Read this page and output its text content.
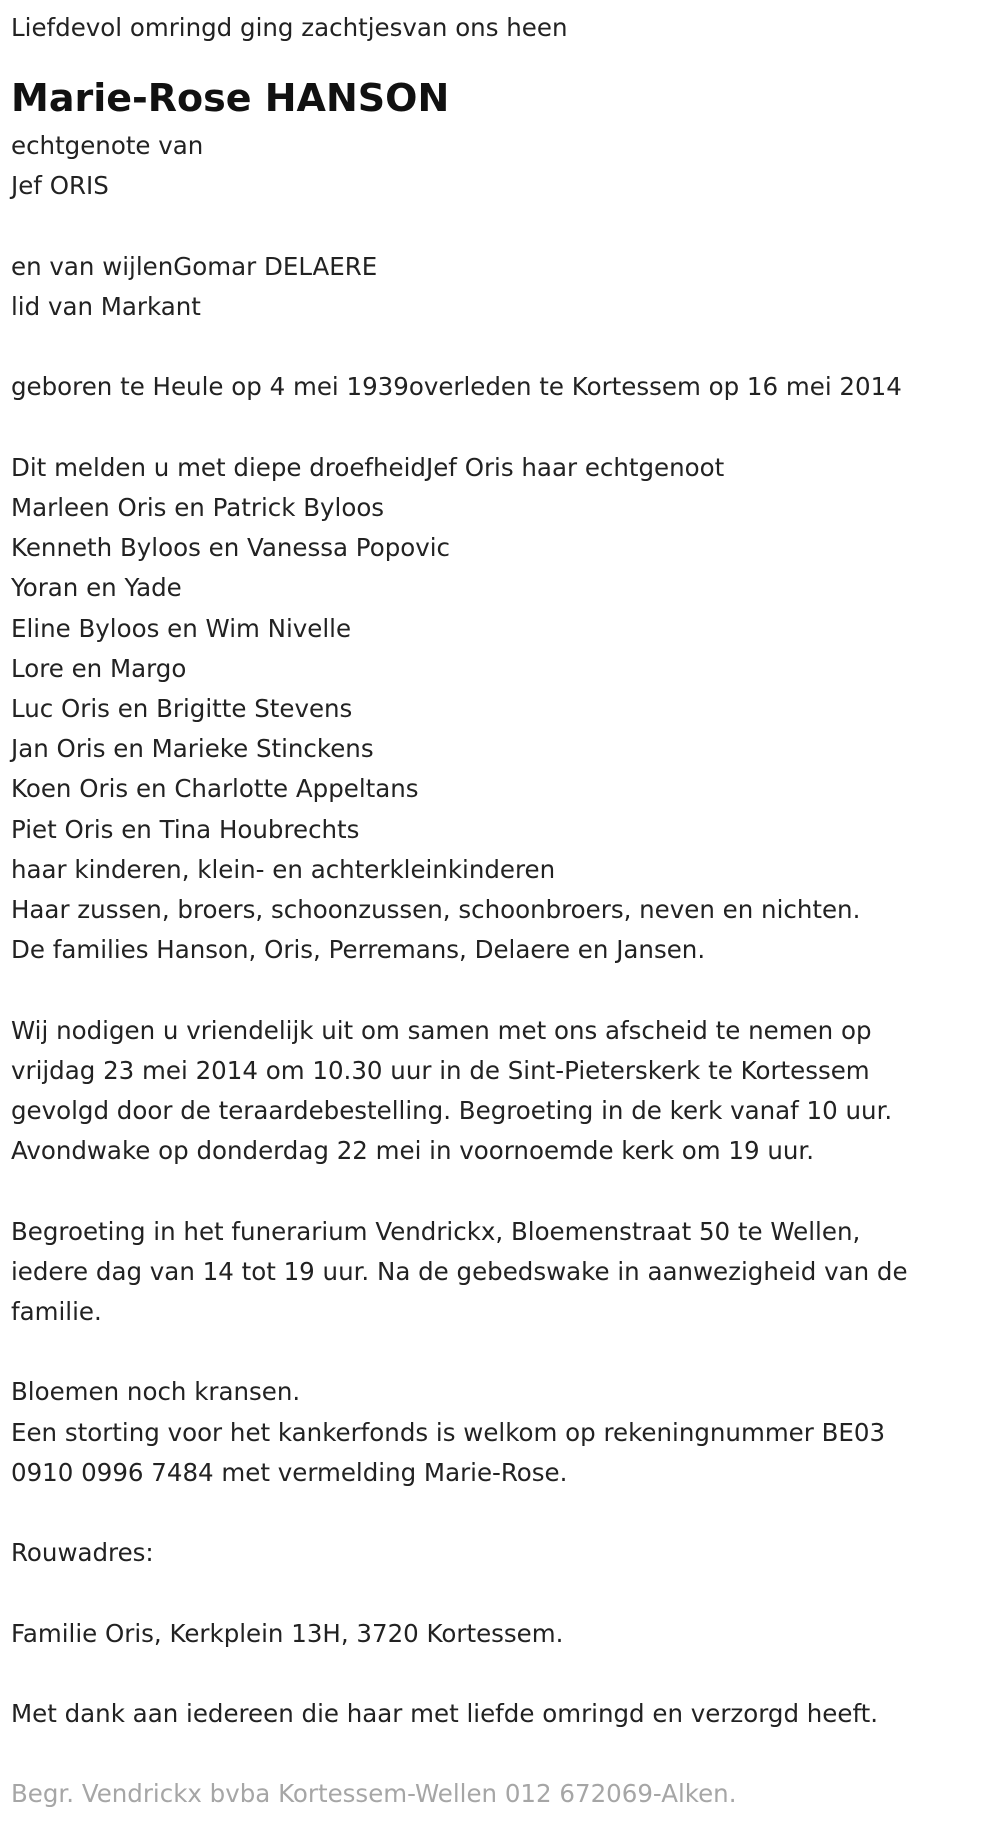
Liefdevol omringd ging zachtjesvan ons heen
Marie-Rose HANSON
echtgenote van
Jef ORIS
en van wijlenGomar DELAERE
lid van Markant
geboren te Heule op 4 mei 1939overleden te Kortessem op 16 mei 2014
Dit melden u met diepe droefheidJef Oris haar echtgenoot
Marleen Oris en Patrick Byloos
Kenneth Byloos en Vanessa Popovic
Yoran en Yade
Eline Byloos en Wim Nivelle
Lore en Margo
Luc Oris en Brigitte Stevens
Jan Oris en Marieke Stinckens
Koen Oris en Charlotte Appeltans
Piet Oris en Tina Houbrechts
haar kinderen, klein- en achterkleinkinderen
Haar zussen, broers, schoonzussen, schoonbroers, neven en nichten.
De families Hanson, Oris, Perremans, Delaere en Jansen.
Wij nodigen u vriendelijk uit om samen met ons afscheid te nemen op
vrijdag 23 mei 2014 om 10.30 uur in de Sint-Pieterskerk te Kortessem
gevolgd door de teraardebestelling. Begroeting in de kerk vanaf 10 uur.
Avondwake op donderdag 22 mei in voornoemde kerk om 19 uur.
Begroeting in het funerarium Vendrickx, Bloemenstraat 50 te Wellen,
iedere dag van 14 tot 19 uur. Na de gebedswake in aanwezigheid van de
familie.
Bloemen noch kransen.
Een storting voor het kankerfonds is welkom op rekeningnummer BE03
0910 0996 7484 met vermelding Marie-Rose.
Rouwadres:
Familie Oris, Kerkplein 13H, 3720 Kortessem.
Met dank aan iedereen die haar met liefde omringd en verzorgd heeft.
Begr. Vendrickx bvba Kortessem-Wellen 012 672069-Alken.
